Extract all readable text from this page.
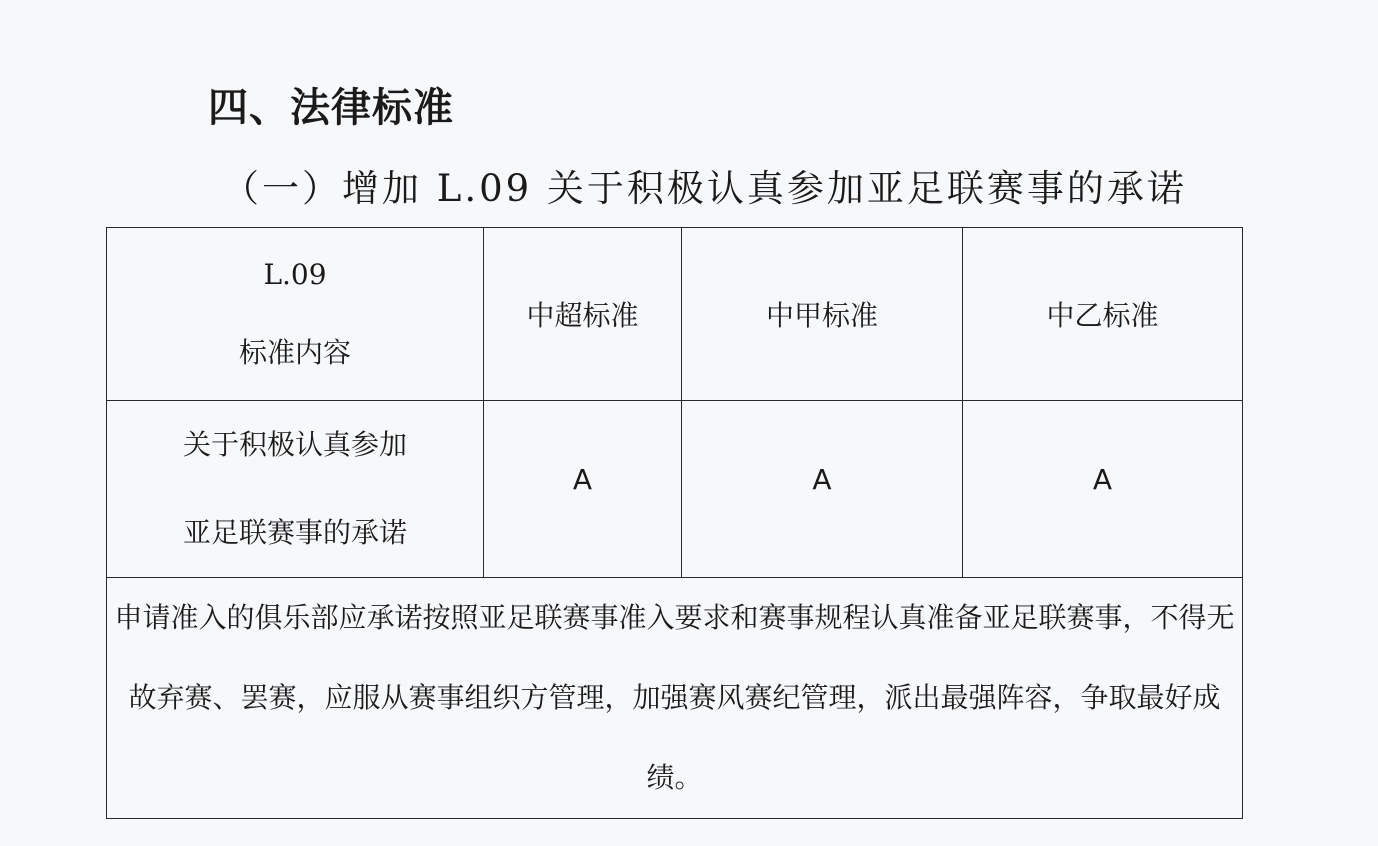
四、法律标准
（一）增加 L.09 关于积极认真参加亚足联赛事的承诺
L.09
标准内容	中超标准	中甲标准	中乙标准

关于积极认真参加
亚足联赛事的承诺	A	A	A

申请准入的俱乐部应承诺按照亚足联赛事准入要求和赛事规程认真准备亚足联赛事，不得无故弃赛、罢赛，应服从赛事组织方管理，加强赛风赛纪管理，派出最强阵容，争取最好成绩。			
